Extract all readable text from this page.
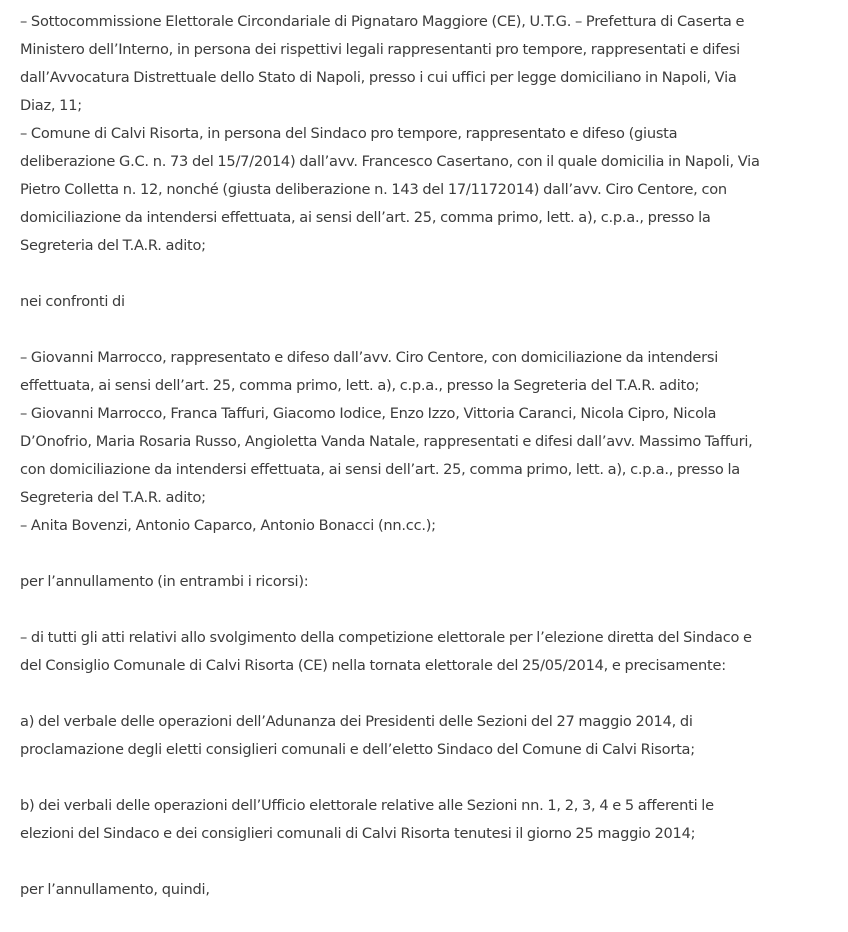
– Sottocommissione Elettorale Circondariale di Pignataro Maggiore (CE), U.T.G. – Prefettura di Caserta e
Ministero dell’Interno, in persona dei rispettivi legali rappresentanti pro tempore, rappresentati e difesi
dall’Avvocatura Distrettuale dello Stato di Napoli, presso i cui uffici per legge domiciliano in Napoli, Via
Diaz, 11;
– Comune di Calvi Risorta, in persona del Sindaco pro tempore, rappresentato e difeso (giusta
deliberazione G.C. n. 73 del 15/7/2014) dall’avv. Francesco Casertano, con il quale domicilia in Napoli, Via
Pietro Colletta n. 12, nonché (giusta deliberazione n. 143 del 17/1172014) dall’avv. Ciro Centore, con
domiciliazione da intendersi effettuata, ai sensi dell’art. 25, comma primo, lett. a), c.p.a., presso la
Segreteria del T.A.R. adito;

nei confronti di

– Giovanni Marrocco, rappresentato e difeso dall’avv. Ciro Centore, con domiciliazione da intendersi
effettuata, ai sensi dell’art. 25, comma primo, lett. a), c.p.a., presso la Segreteria del T.A.R. adito;
– Giovanni Marrocco, Franca Taffuri, Giacomo Iodice, Enzo Izzo, Vittoria Caranci, Nicola Cipro, Nicola
D’Onofrio, Maria Rosaria Russo, Angioletta Vanda Natale, rappresentati e difesi dall’avv. Massimo Taffuri,
con domiciliazione da intendersi effettuata, ai sensi dell’art. 25, comma primo, lett. a), c.p.a., presso la
Segreteria del T.A.R. adito;
– Anita Bovenzi, Antonio Caparco, Antonio Bonacci (nn.cc.);

per l’annullamento (in entrambi i ricorsi):

– di tutti gli atti relativi allo svolgimento della competizione elettorale per l’elezione diretta del Sindaco e
del Consiglio Comunale di Calvi Risorta (CE) nella tornata elettorale del 25/05/2014, e precisamente:

a) del verbale delle operazioni dell’Adunanza dei Presidenti delle Sezioni del 27 maggio 2014, di
proclamazione degli eletti consiglieri comunali e dell’eletto Sindaco del Comune di Calvi Risorta;

b) dei verbali delle operazioni dell’Ufficio elettorale relative alle Sezioni nn. 1, 2, 3, 4 e 5 afferenti le
elezioni del Sindaco e dei consiglieri comunali di Calvi Risorta tenutesi il giorno 25 maggio 2014;

per l’annullamento, quindi,
